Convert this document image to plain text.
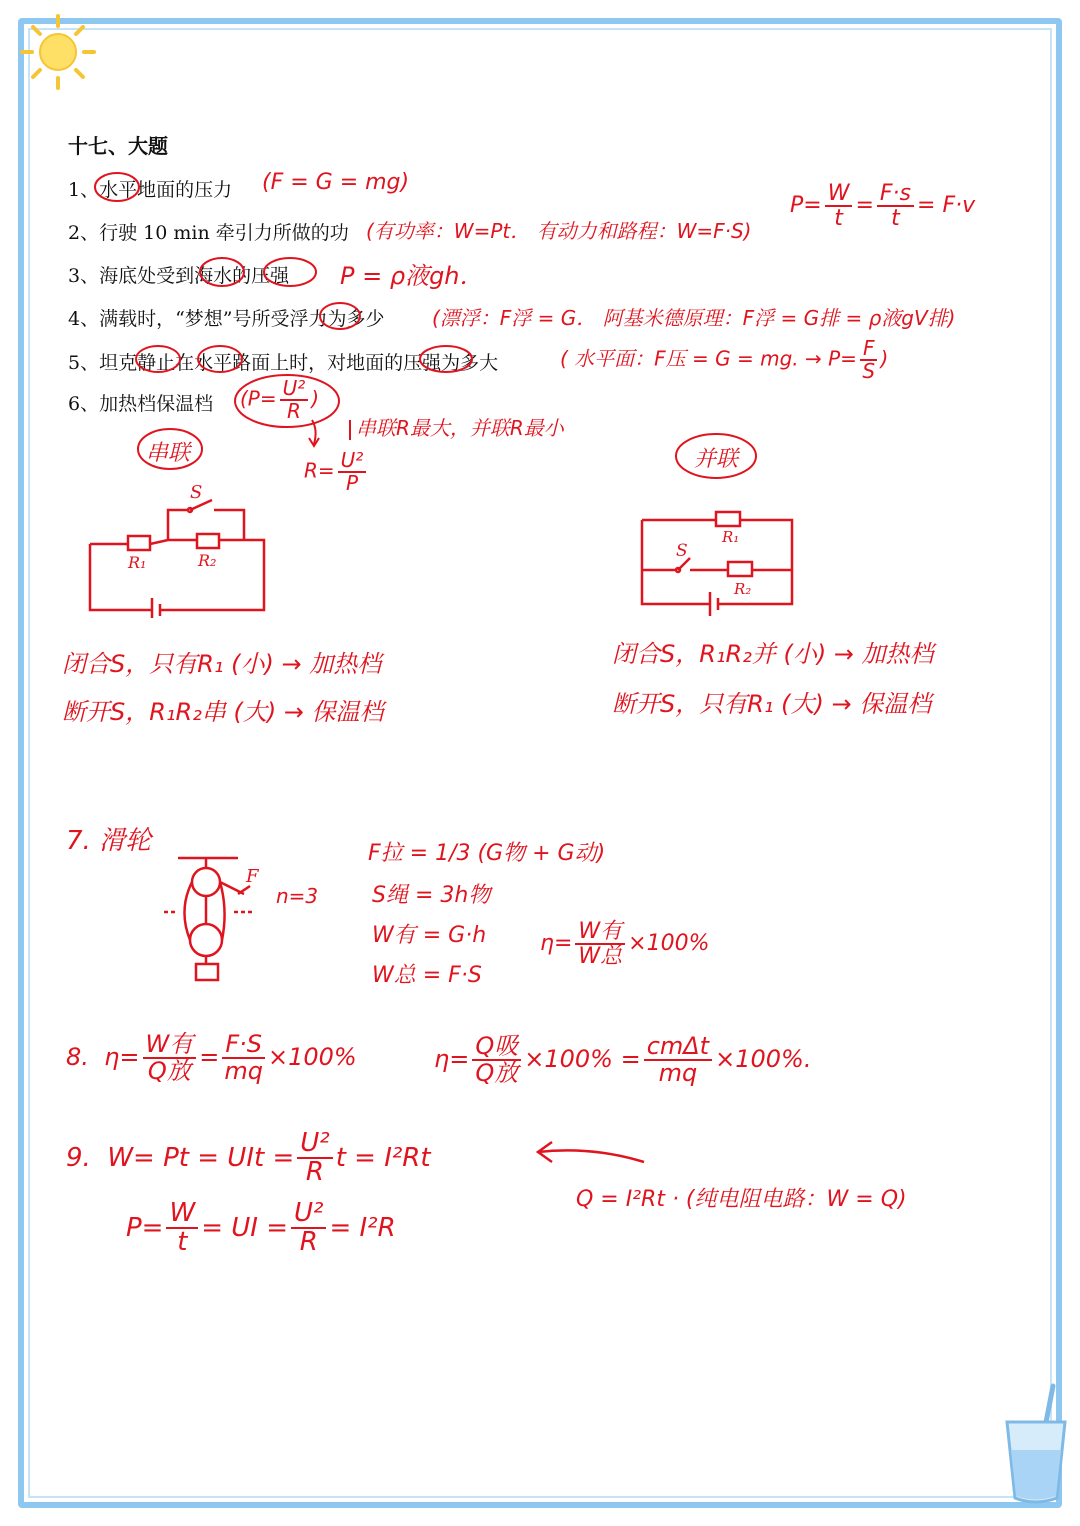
十七、大题
1、水平地面的压力
2、行驶 10 min 牵引力所做的功
3、海底处受到海水的压强
4、满载时，“梦想”号所受浮力为多少
5、坦克静止在水平路面上时，对地面的压强为多大
6、加热档保温档
(F = G = mg)
(有功率：W=Pt． 有动力和路程：W=F·S)
$P= \frac{W}{t} = \frac{F\cdot s}{t} = F\cdot v$
P = ρ液gh．
(漂浮：F浮 = G． 阿基米德原理：F浮 = G排 = ρ液gV排)
( 水平面：F压 = G = mg. → $P= \frac{F}{S}$ )
($P= \frac{\text{U²}}{R}$ )
$R= \frac{\text{U²}}{P}$
串联R最大，并联R最小
串联	并联
S
R₁	R₂	S
R₁
R₂
闭合S，只有R₁ (小) → 加热档
断开S，R₁R₂串 (大) → 保温档
闭合S，R₁R₂并 (小) → 加热档
断开S，只有R₁ (大) → 保温档
7. 滑轮
F
n=3
F拉 = 1/3 (G物 + G动)
S绳 = 3h物
W有 = G·h
W总 = F·S
$\eta= \frac{\text{W有}}{\text{W总}} \times 100\%$
8. $\eta= \frac{\text{W有}}{\text{Q放}} = \frac{F\cdot S}{mq} \times 100\%$	$\eta= \frac{\text{Q吸}}{\text{Q放}} \times 100\% = \frac{\text{cmΔt}}{mq} \times 100\%$.
9. W= Pt = UIt = $\frac{\text{U²}}{R}$ t = I²Rt
$P= \frac{W}{t}$ = UI = $\frac{\text{U²}}{R} = I^2R$
Q = I²Rt · (纯电阻电路：W = Q)
